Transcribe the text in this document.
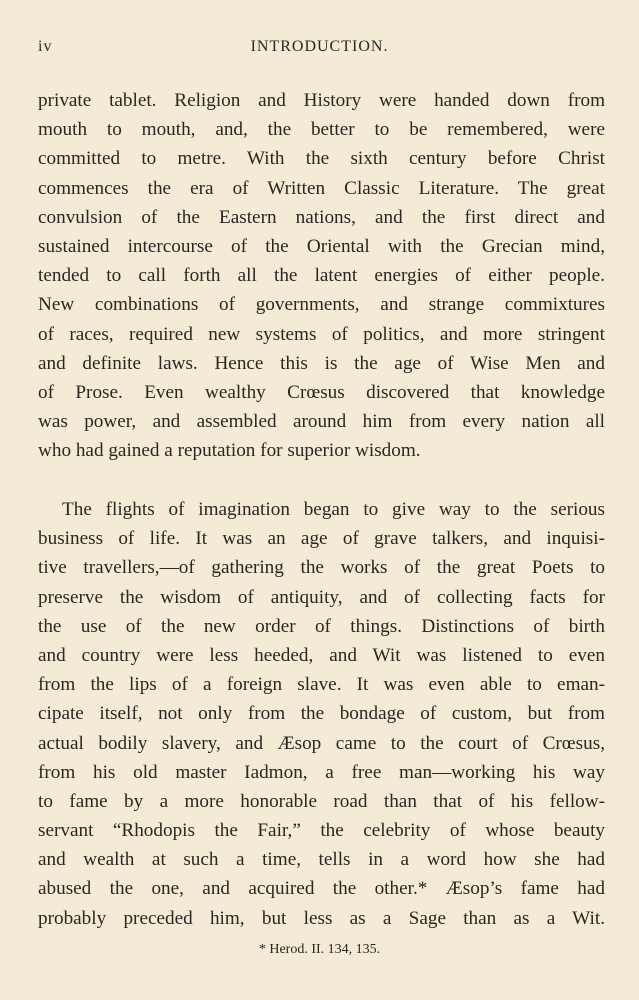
iv	INTRODUCTION.
private tablet. Religion and History were handed down from
mouth to mouth, and, the better to be remembered, were
committed to metre. With the sixth century before Christ
commences the era of Written Classic Literature. The great
convulsion of the Eastern nations, and the first direct and
sustained intercourse of the Oriental with the Grecian mind,
tended to call forth all the latent energies of either people.
New combinations of governments, and strange commixtures
of races, required new systems of politics, and more stringent
and definite laws. Hence this is the age of Wise Men and
of Prose. Even wealthy Crœsus discovered that knowledge
was power, and assembled around him from every nation all
who had gained a reputation for superior wisdom.
The flights of imagination began to give way to the serious
business of life. It was an age of grave talkers, and inquisi-
tive travellers,—of gathering the works of the great Poets to
preserve the wisdom of antiquity, and of collecting facts for
the use of the new order of things. Distinctions of birth
and country were less heeded, and Wit was listened to even
from the lips of a foreign slave. It was even able to eman-
cipate itself, not only from the bondage of custom, but from
actual bodily slavery, and Æsop came to the court of Crœsus,
from his old master Iadmon, a free man—working his way
to fame by a more honorable road than that of his fellow-
servant “Rhodopis the Fair,” the celebrity of whose beauty
and wealth at such a time, tells in a word how she had
abused the one, and acquired the other.* Æsop’s fame had
probably preceded him, but less as a Sage than as a Wit.
* Herod. II. 134, 135.
